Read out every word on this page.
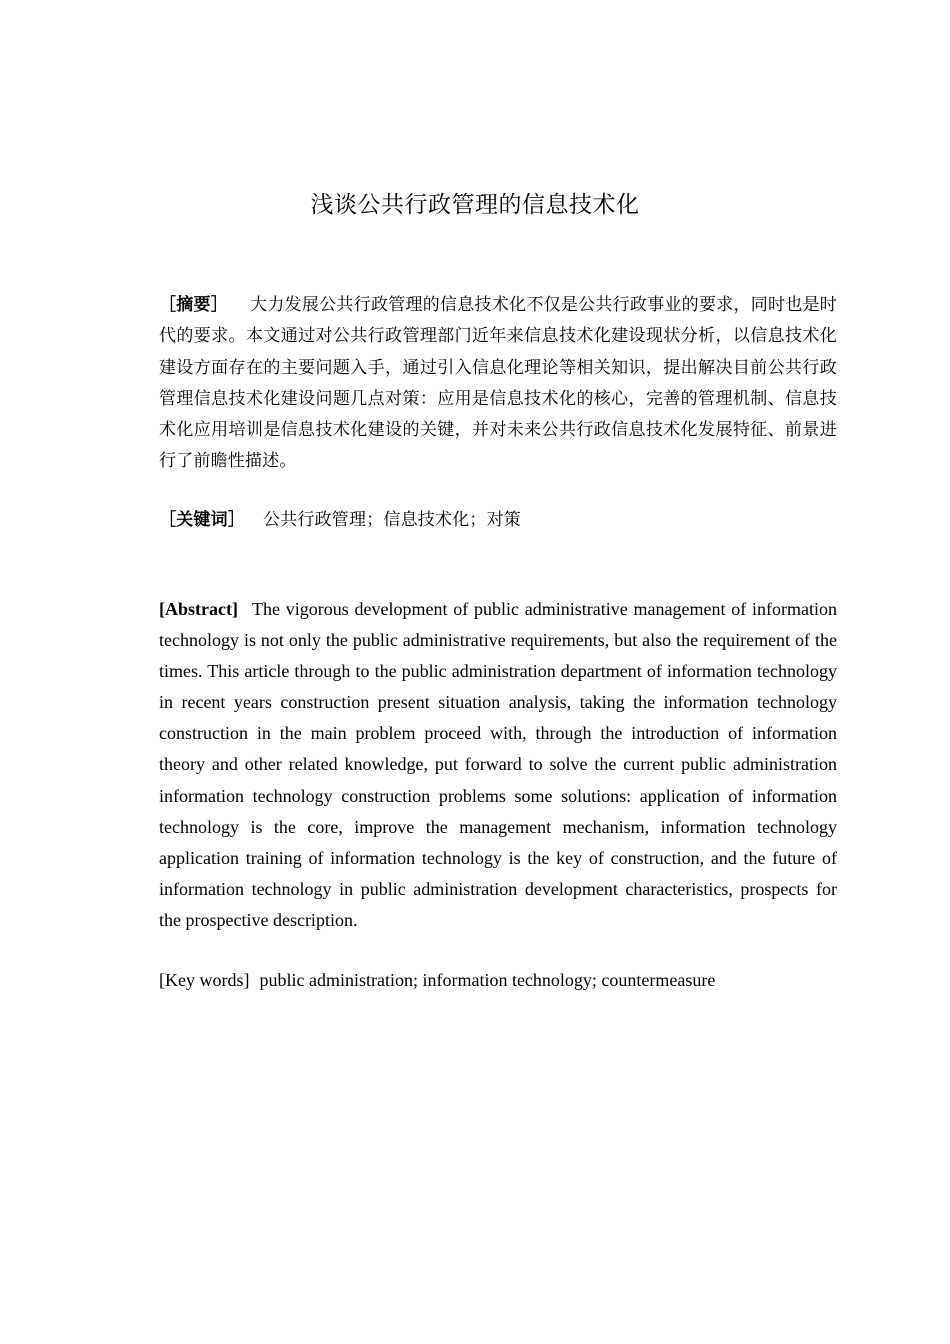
浅谈公共行政管理的信息技术化
［摘要］ 大力发展公共行政管理的信息技术化不仅是公共行政事业的要求，同时也是时代的要求。本文通过对公共行政管理部门近年来信息技术化建设现状分析，以信息技术化建设方面存在的主要问题入手，通过引入信息化理论等相关知识，提出解决目前公共行政管理信息技术化建设问题几点对策：应用是信息技术化的核心，完善的管理机制、信息技术化应用培训是信息技术化建设的关键，并对未来公共行政信息技术化发展特征、前景进行了前瞻性描述。
［关键词］ 公共行政管理；信息技术化；对策
[Abstract] The vigorous development of public administrative management of information technology is not only the public administrative requirements, but also the requirement of the times. This article through to the public administration department of information technology in recent years construction present situation analysis, taking the information technology construction in the main problem proceed with, through the introduction of information theory and other related knowledge, put forward to solve the current public administration information technology construction problems some solutions: application of information technology is the core, improve the management mechanism, information technology application training of information technology is the key of construction, and the future of information technology in public administration development characteristics, prospects for the prospective description.
[Key words] public administration; information technology; countermeasure
